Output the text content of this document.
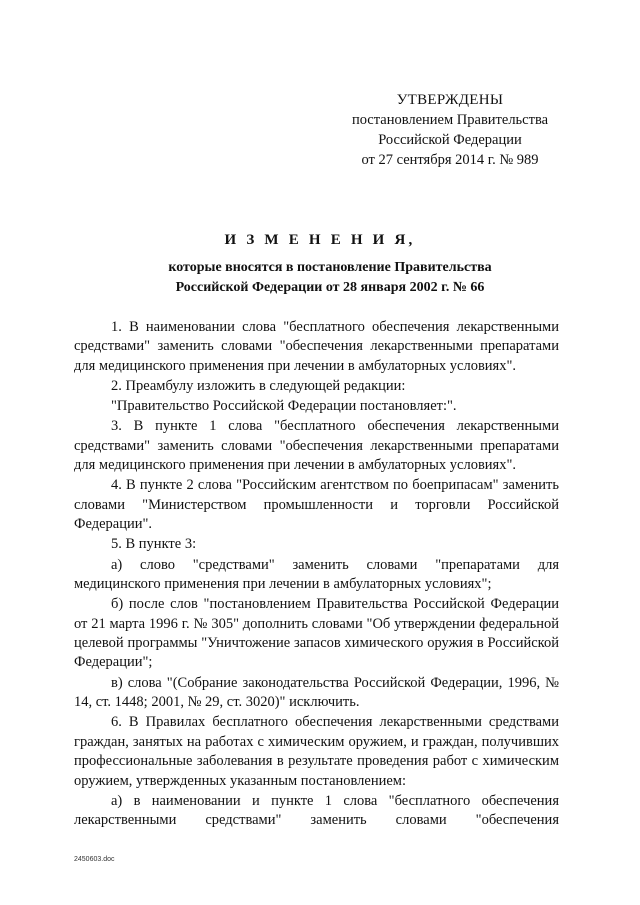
УТВЕРЖДЕНЫ
постановлением Правительства
Российской Федерации
от 27 сентября 2014 г. № 989
И З М Е Н Е Н И Я,
которые вносятся в постановление Правительства
Российской Федерации от 28 января 2002 г. № 66

1. В наименовании слова "бесплатного обеспечения лекарственными средствами" заменить словами "обеспечения лекарственными препаратами для медицинского применения при лечении в амбулаторных условиях".

2. Преамбулу изложить в следующей редакции:

"Правительство Российской Федерации постановляет:".

3. В пункте 1 слова "бесплатного обеспечения лекарственными средствами" заменить словами "обеспечения лекарственными препаратами для медицинского применения при лечении в амбулаторных условиях".

4. В пункте 2 слова "Российским агентством по боеприпасам" заменить словами "Министерством промышленности и торговли Российской Федерации".

5. В пункте 3:

а) слово "средствами" заменить словами "препаратами для медицинского применения при лечении в амбулаторных условиях";

б) после слов "постановлением Правительства Российской Федерации от 21 марта 1996 г. № 305" дополнить словами "Об утверждении федеральной целевой программы "Уничтожение запасов химического оружия в Российской Федерации";

в) слова "(Собрание законодательства Российской Федерации, 1996, № 14, ст. 1448; 2001, № 29, ст. 3020)" исключить.

6. В Правилах бесплатного обеспечения лекарственными средствами граждан, занятых на работах с химическим оружием, и граждан, получивших профессиональные заболевания в результате проведения работ с химическим оружием, утвержденных указанным постановлением:

а) в наименовании и пункте 1 слова "бесплатного обеспечения лекарственными средствами" заменить словами "обеспечения

2450603.doc
